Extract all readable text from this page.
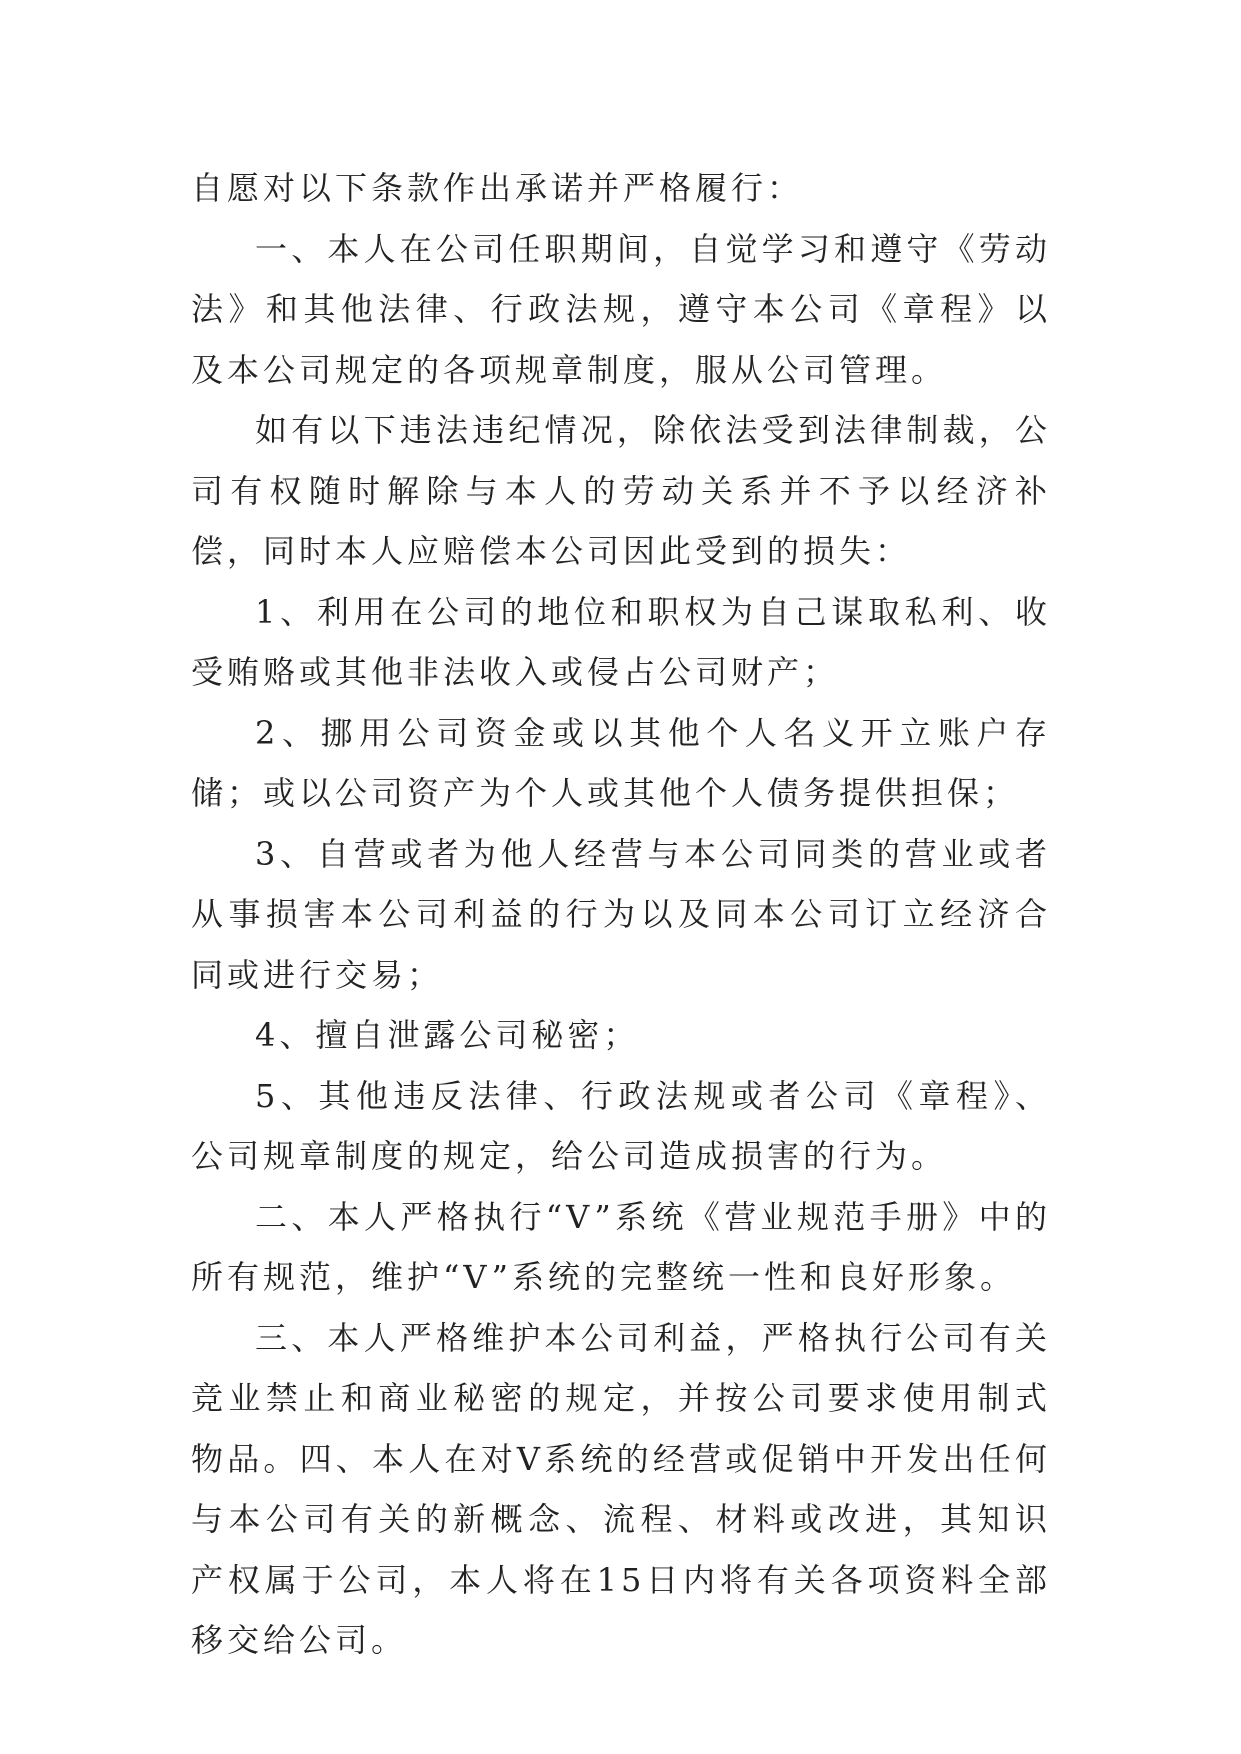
自愿对以下条款作出承诺并严格履行：

一、本人在公司任职期间，自觉学习和遵守《劳动法》和其他法律、行政法规，遵守本公司《章程》以及本公司规定的各项规章制度，服从公司管理。

如有以下违法违纪情况，除依法受到法律制裁，公司有权随时解除与本人的劳动关系并不予以经济补偿，同时本人应赔偿本公司因此受到的损失：

1、利用在公司的地位和职权为自己谋取私利、收受贿赂或其他非法收入或侵占公司财产；

2、挪用公司资金或以其他个人名义开立账户存储；或以公司资产为个人或其他个人债务提供担保；

3、自营或者为他人经营与本公司同类的营业或者从事损害本公司利益的行为以及同本公司订立经济合同或进行交易；

4、擅自泄露公司秘密；

5、其他违反法律、行政法规或者公司《章程》、公司规章制度的规定，给公司造成损害的行为。

二、本人严格执行“V”系统《营业规范手册》中的所有规范，维护“V”系统的完整统一性和良好形象。

三、本人严格维护本公司利益，严格执行公司有关竞业禁止和商业秘密的规定，并按公司要求使用制式物品。四、本人在对V系统的经营或促销中开发出任何与本公司有关的新概念、流程、材料或改进，其知识产权属于公司，本人将在15日内将有关各项资料全部移交给公司。
